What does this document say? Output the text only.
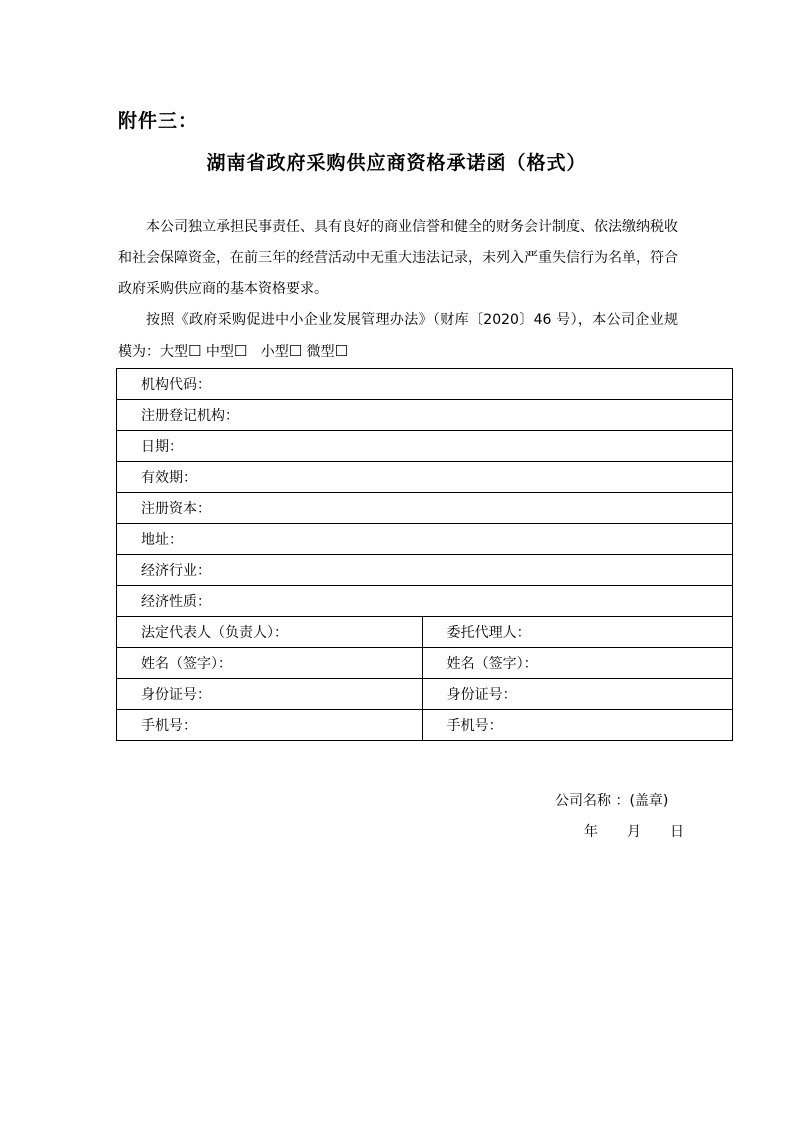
附件三：
湖南省政府采购供应商资格承诺函（格式）

本公司独立承担民事责任、具有良好的商业信誉和健全的财务会计制度、依法缴纳税收和社会保障资金，在前三年的经营活动中无重大违法记录，未列入严重失信行为名单，符合政府采购供应商的基本资格要求。

按照《政府采购促进中小企业发展管理办法》（财库〔2020〕46 号），本公司企业规模为：大型☐ 中型☐ 小型☐ 微型☐

机构代码：	
注册登记机构：	
日期：	
有效期：	
注册资本：	
地址：	
经济行业：	
经济性质：	
法定代表人（负责人）：	委托代理人：
姓名（签字）：	姓名（签字）：
身份证号：	身份证号：
手机号：	手机号：
公司名称 ：(盖章)
年 月 日
